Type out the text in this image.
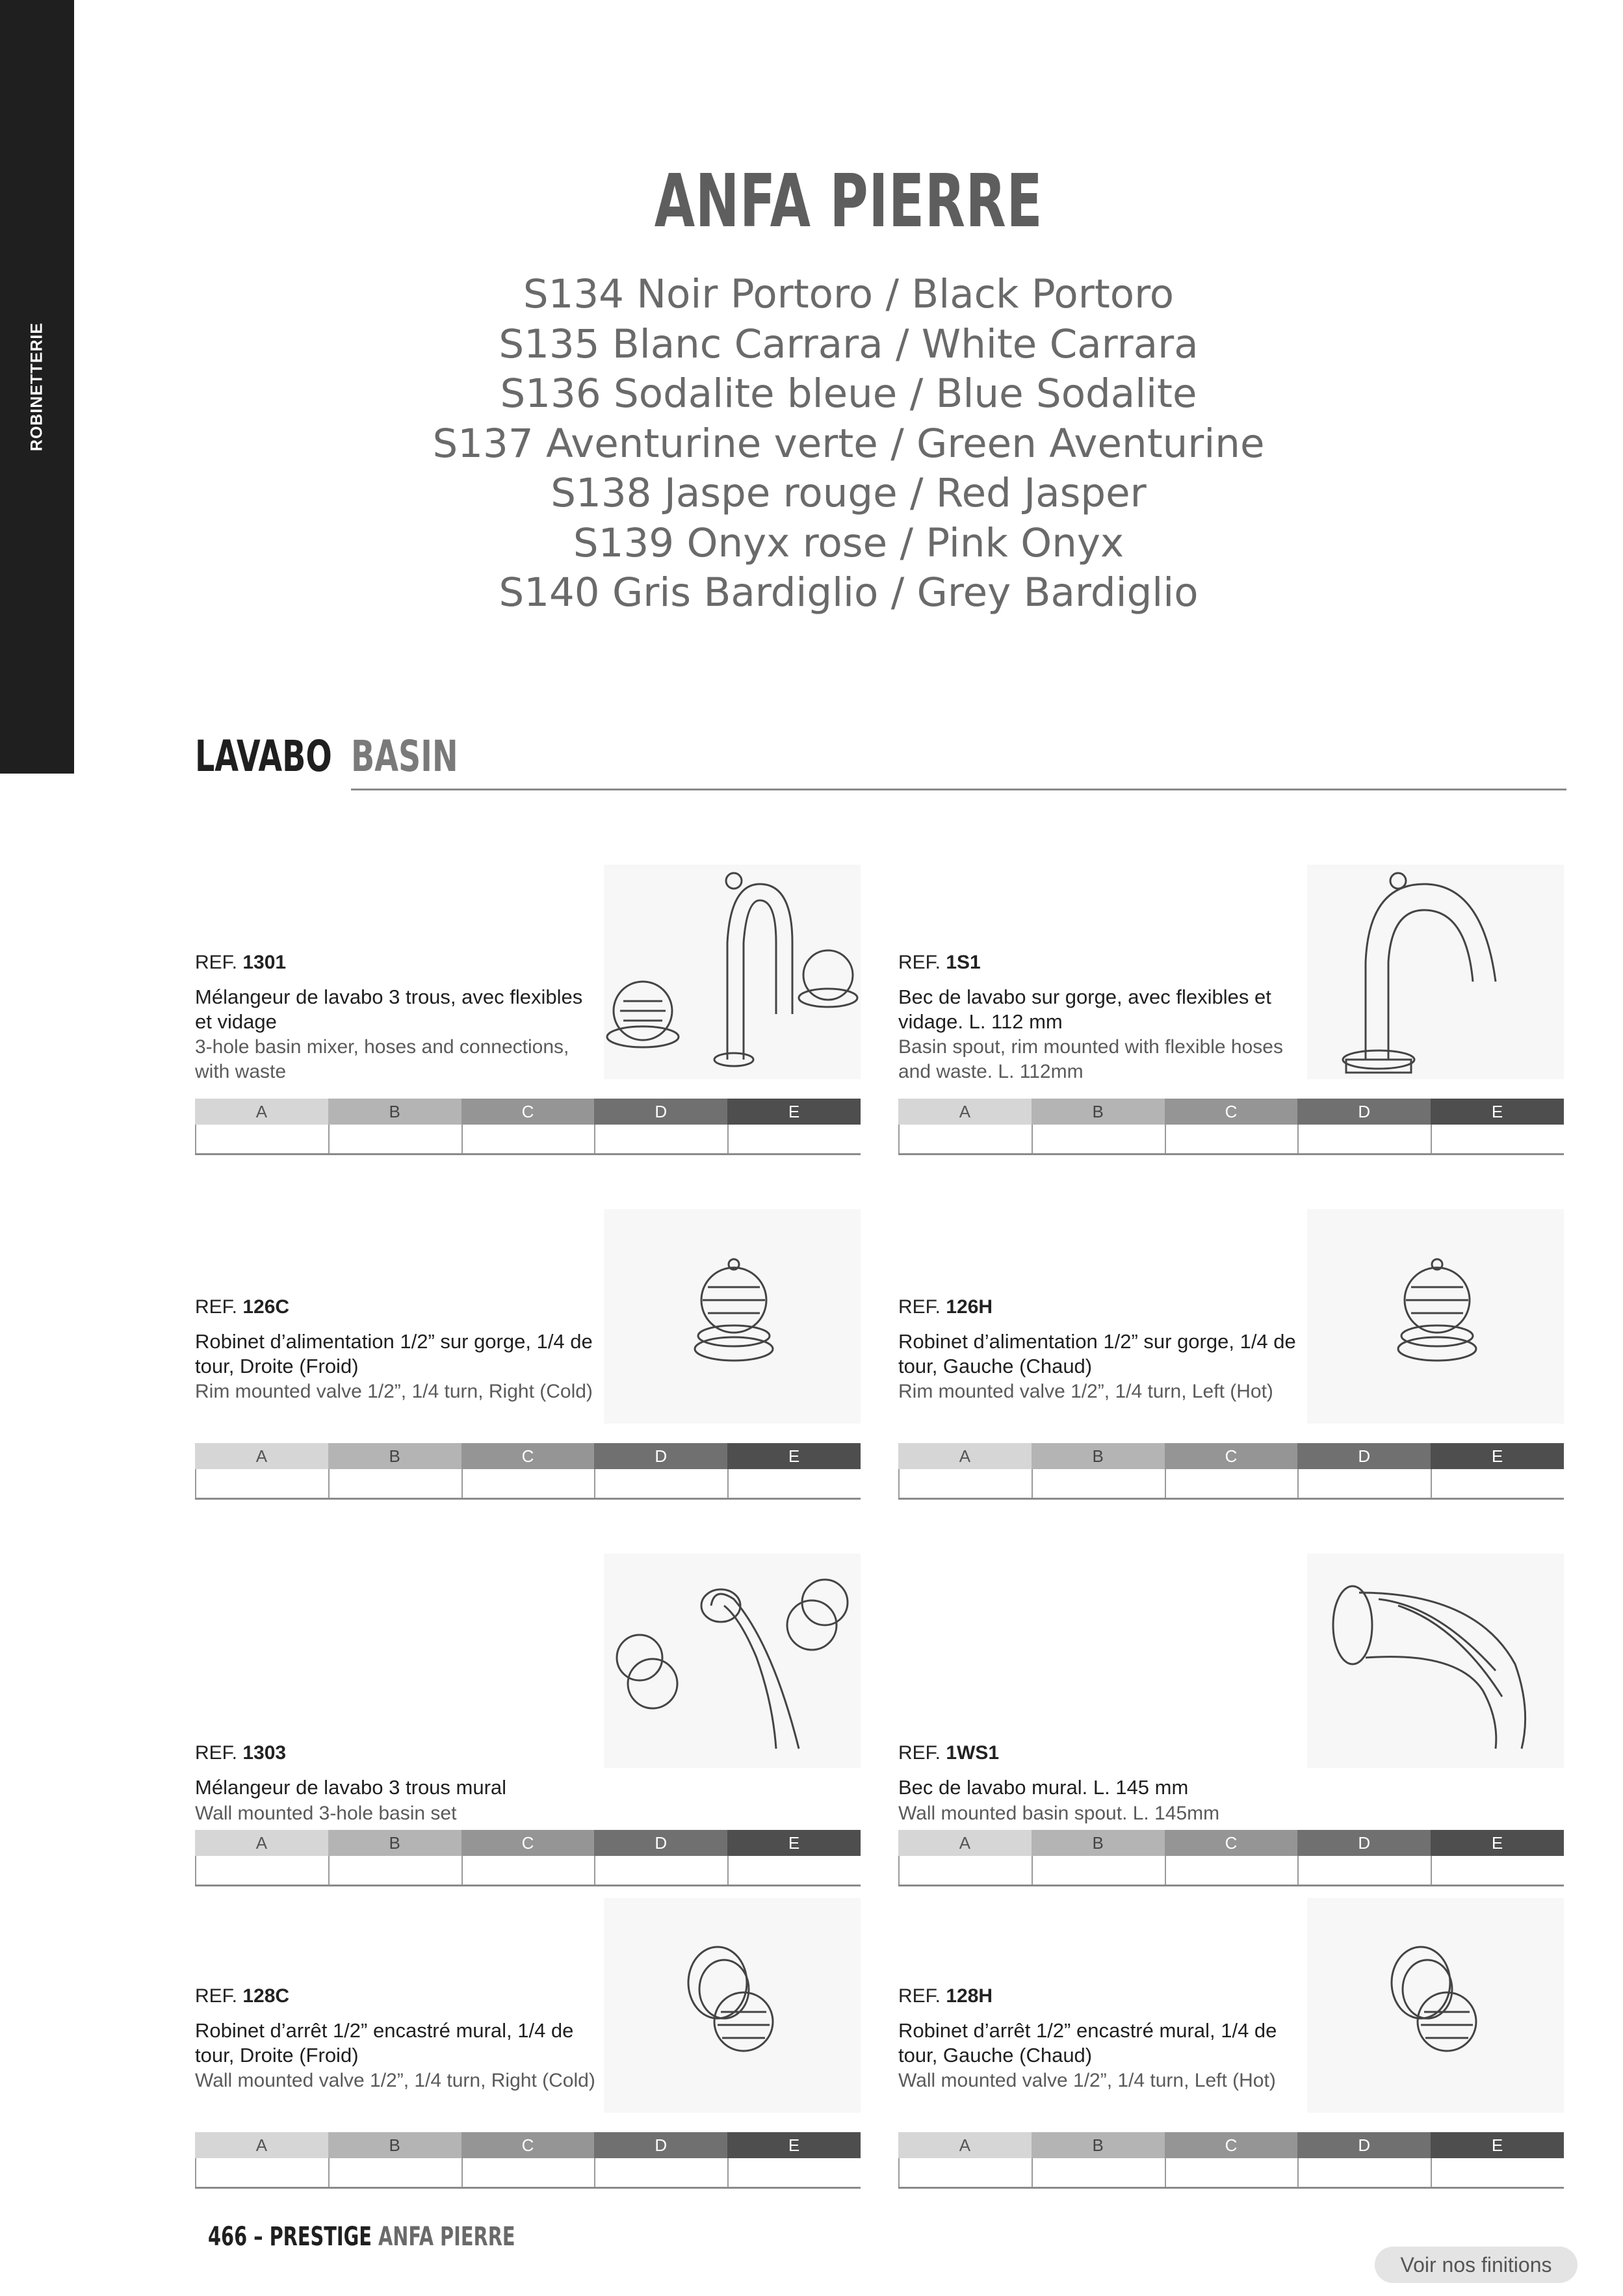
ROBINETTERIE
ANFA PIERRE
S134 Noir Portoro / Black Portoro
S135 Blanc Carrara / White Carrara
S136 Sodalite bleue / Blue Sodalite
S137 Aventurine verte / Green Aventurine
S138 Jaspe rouge / Red Jasper
S139 Onyx rose / Pink Onyx
S140 Gris Bardiglio / Grey Bardiglio
LAVABO BASIN
REF. 1301
Mélangeur de lavabo 3 trous, avec flexibles et vidage
3-hole basin mixer, hoses and connections, with waste
A	B	C	D	E
REF. 1S1
Bec de lavabo sur gorge, avec flexibles et vidage. L. 112 mm
Basin spout, rim mounted with flexible hoses and waste. L. 112mm
A	B	C	D	E
REF. 126C
Robinet d’alimentation 1/2” sur gorge, 1/4 de tour, Droite (Froid)
Rim mounted valve 1/2”, 1/4 turn, Right (Cold)
A	B	C	D	E
REF. 126H
Robinet d’alimentation 1/2” sur gorge, 1/4 de tour, Gauche (Chaud)
Rim mounted valve 1/2”, 1/4 turn, Left (Hot)
A	B	C	D	E
REF. 1303
Mélangeur de lavabo 3 trous mural
Wall mounted 3-hole basin set
A	B	C	D	E
REF. 1WS1
Bec de lavabo mural. L. 145 mm
Wall mounted basin spout. L. 145mm
A	B	C	D	E
REF. 128C
Robinet d’arrêt 1/2” encastré mural, 1/4 de tour, Droite (Froid)
Wall mounted valve 1/2”, 1/4 turn, Right (Cold)
A	B	C	D	E
REF. 128H
Robinet d’arrêt 1/2” encastré mural, 1/4 de tour, Gauche (Chaud)
Wall mounted valve 1/2”, 1/4 turn, Left (Hot)
A	B	C	D	E
466 – PRESTIGE ANFA PIERRE
Voir nos finitions
